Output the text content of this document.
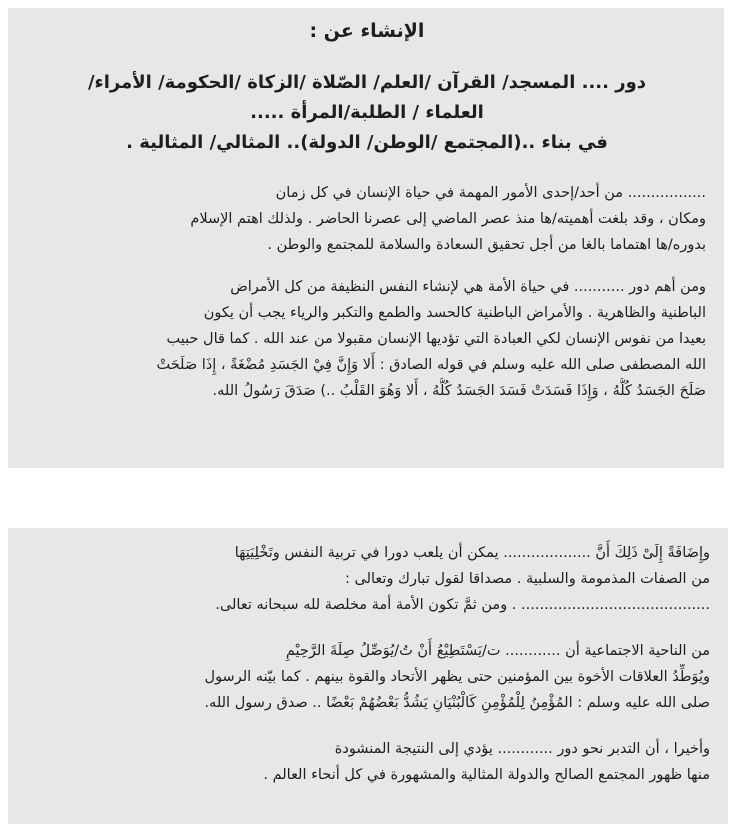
الإنشاء عن :
دور .... المسجد/ القرآن /العلم/ الصّلاة /الزكاة /الحكومة/ الأمراء/
العلماء / الطلبة/المرأة .....
في بناء ..(المجتمع /الوطن/ الدولة).. المثالي/ المثالية .
................. من أحد/إحدى الأمور المهمة في حياة الإنسان في كل زمان
ومكان ، وقد بلغت أهميته/ها منذ عصر الماضي إلى عصرنا الحاضر . ولذلك اهتم الإسلام
بدوره/ها اهتماما بالغا من أجل تحقيق السعادة والسلامة للمجتمع والوطن .
ومن أهم دور ........... في حياة الأمة هي لإنشاء النفس النظيفة من كل الأمراض
الباطنية والظاهرية . والأمراض الباطنية كالحسد والطمع والتكبر والرياء يجب أن يكون
بعيدا من نفوس الإنسان لكي العبادة التي تؤديها الإنسان مقبولا من عند الله . كما قال حبيب
الله المصطفى صلى الله عليه وسلم في قوله الصادق : أَلا وَإِنَّ فِيْ الجَسَدِ مُضْغَةً ، إِذَا صَلَحَتْ
صَلَحَ الجَسَدُ كُلُّهُ ، وَإِذَا فَسَدَتْ فَسَدَ الجَسَدُ كُلُّهُ ، أَلا وَهُوَ القَلْبُ ..) صَدَقَ رَسُولُ الله.
وإِضَافَةً إِلَىْ ذَلِكَ أَنَّ ................... يمكن أن يلعب دورا في تربية النفس وتَخْلِيَتِهَا
من الصفات المذمومة والسلبية . مصداقا لقول تبارك وتعالى :
......................................... . ومن ثمَّ تكون الأمة أمة مخلصة لله سبحانه تعالى.
من الناحية الاجتماعية أن ............ ت/يَسْتَطِيْعُ أَنْ تُ/يُوَصِّلُ صِلَةَ الرَّحِيْمِ
ويُوَطِّدُ العلاقات الأخوة بين المؤمنين حتى يظهر الأتحاد والقوة بينهم . كما بيّنه الرسول
صلى الله عليه وسلم : المُؤْمِنُ لِلْمُؤْمِنِ كَالْبُنْيَانِ يَشُدُّ بَعْضُهُمْ بَعْضًا .. صدق رسول الله.
وأخيرا ، أن التدبر نحو دور ............ يؤدي إلى النتيجة المنشودة
منها ظهور المجتمع الصالح والدولة المثالية والمشهورة في كل أنحاء العالم .
